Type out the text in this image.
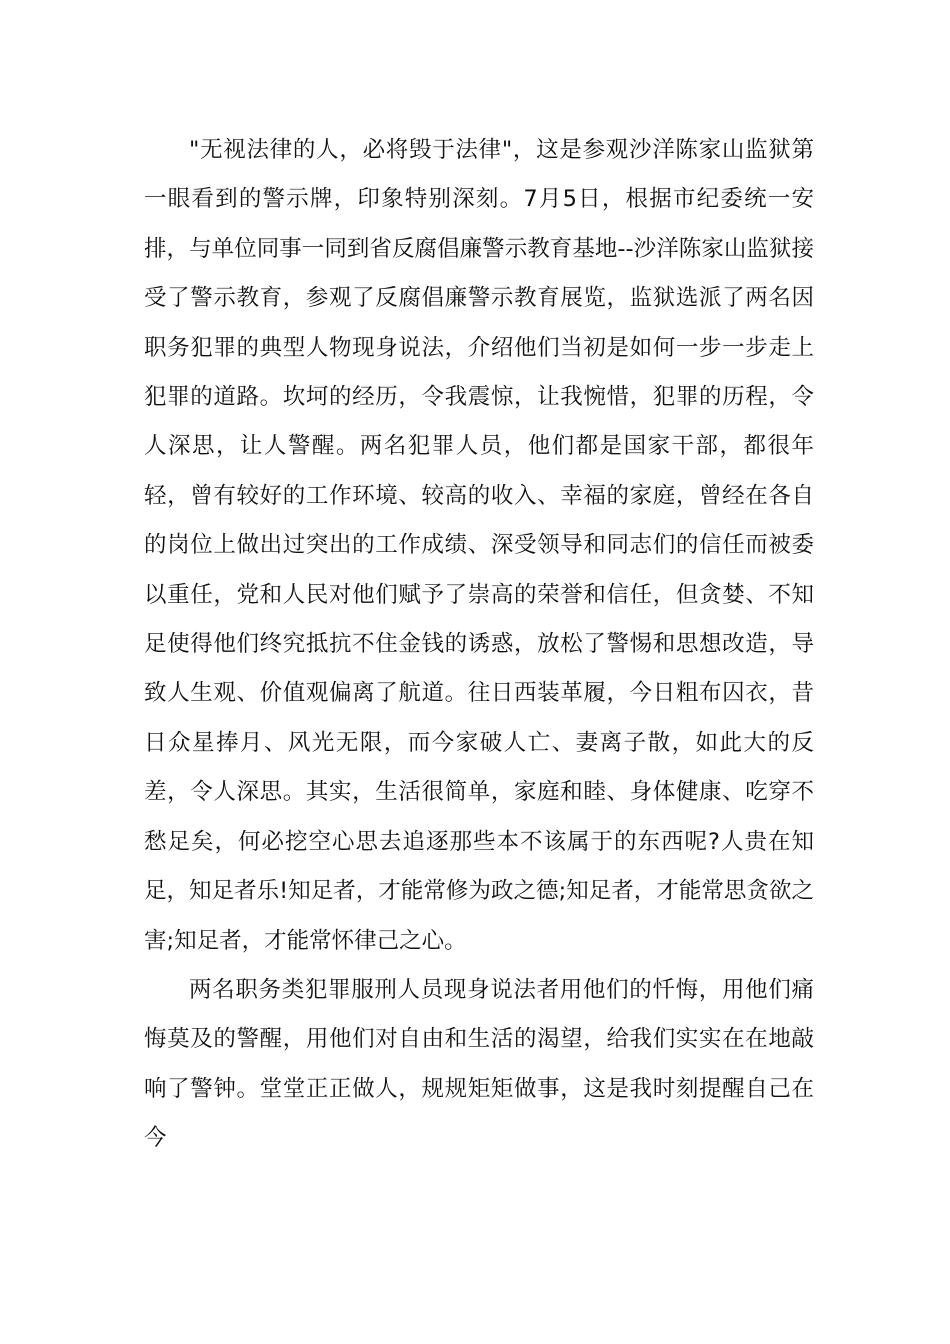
"无视法律的人，必将毁于法律"，这是参观沙洋陈家山监狱第一眼看到的警示牌，印象特别深刻。7月5日，根据市纪委统一安排，与单位同事一同到省反腐倡廉警示教育基地--沙洋陈家山监狱接受了警示教育，参观了反腐倡廉警示教育展览，监狱选派了两名因职务犯罪的典型人物现身说法，介绍他们当初是如何一步一步走上犯罪的道路。坎坷的经历，令我震惊，让我惋惜，犯罪的历程，令人深思，让人警醒。两名犯罪人员，他们都是国家干部，都很年轻，曾有较好的工作环境、较高的收入、幸福的家庭，曾经在各自的岗位上做出过突出的工作成绩、深受领导和同志们的信任而被委以重任，党和人民对他们赋予了崇高的荣誉和信任，但贪婪、不知足使得他们终究抵抗不住金钱的诱惑，放松了警惕和思想改造，导致人生观、价值观偏离了航道。往日西装革履，今日粗布囚衣，昔日众星捧月、风光无限，而今家破人亡、妻离子散，如此大的反差，令人深思。其实，生活很简单，家庭和睦、身体健康、吃穿不愁足矣，何必挖空心思去追逐那些本不该属于的东西呢?人贵在知足，知足者乐!知足者，才能常修为政之德;知足者，才能常思贪欲之害;知足者，才能常怀律己之心。

两名职务类犯罪服刑人员现身说法者用他们的忏悔，用他们痛悔莫及的警醒，用他们对自由和生活的渴望，给我们实实在在地敲响了警钟。堂堂正正做人，规规矩矩做事，这是我时刻提醒自己在今
